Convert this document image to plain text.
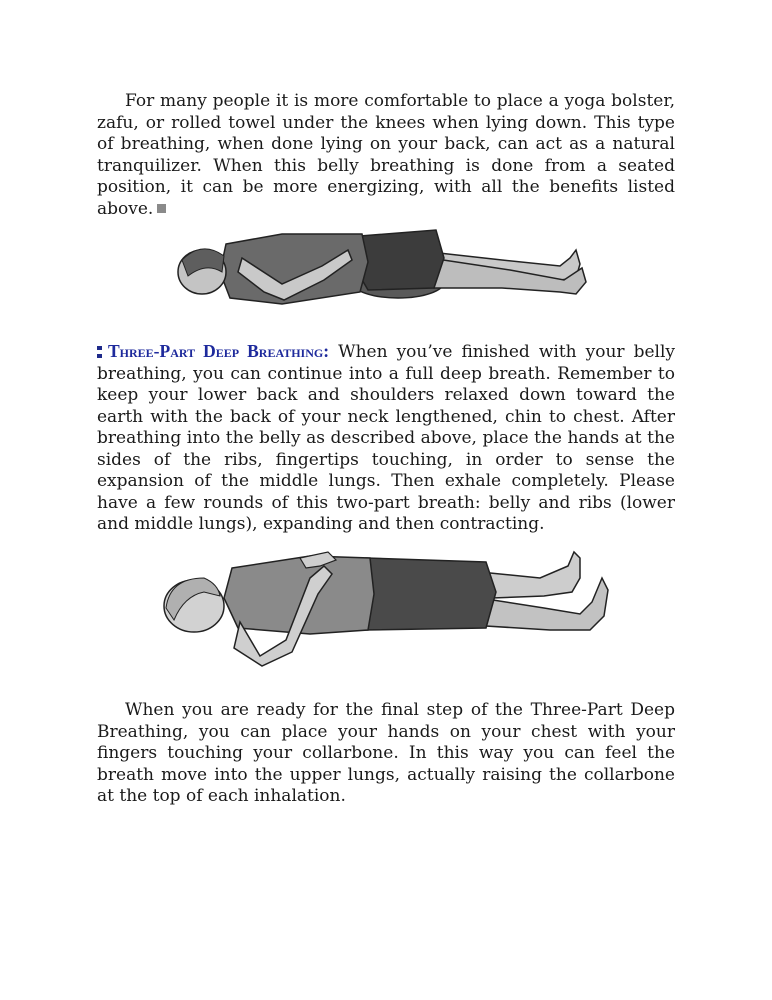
For many people it is more comfortable to place a yoga bolster, zafu, or rolled towel under the knees when lying down. This type of breathing, when done lying on your back, can act as a natural tranquilizer. When this belly breathing is done from a seated position, it can be more energizing, with all the benefits listed above.

Three-Part Deep Breathing: When you’ve finished with your belly breathing, you can continue into a full deep breath. Remember to keep your lower back and shoulders relaxed down toward the earth with the back of your neck lengthened, chin to chest. After breathing into the belly as described above, place the hands at the sides of the ribs, fingertips touching, in order to sense the expansion of the middle lungs. Then exhale completely. Please have a few rounds of this two-part breath: belly and ribs (lower and middle lungs), expanding and then contracting.

When you are ready for the final step of the Three-Part Deep Breathing, you can place your hands on your chest with your fingers touching your collarbone. In this way you can feel the breath move into the upper lungs, actually raising the collarbone at the top of each inhalation.
